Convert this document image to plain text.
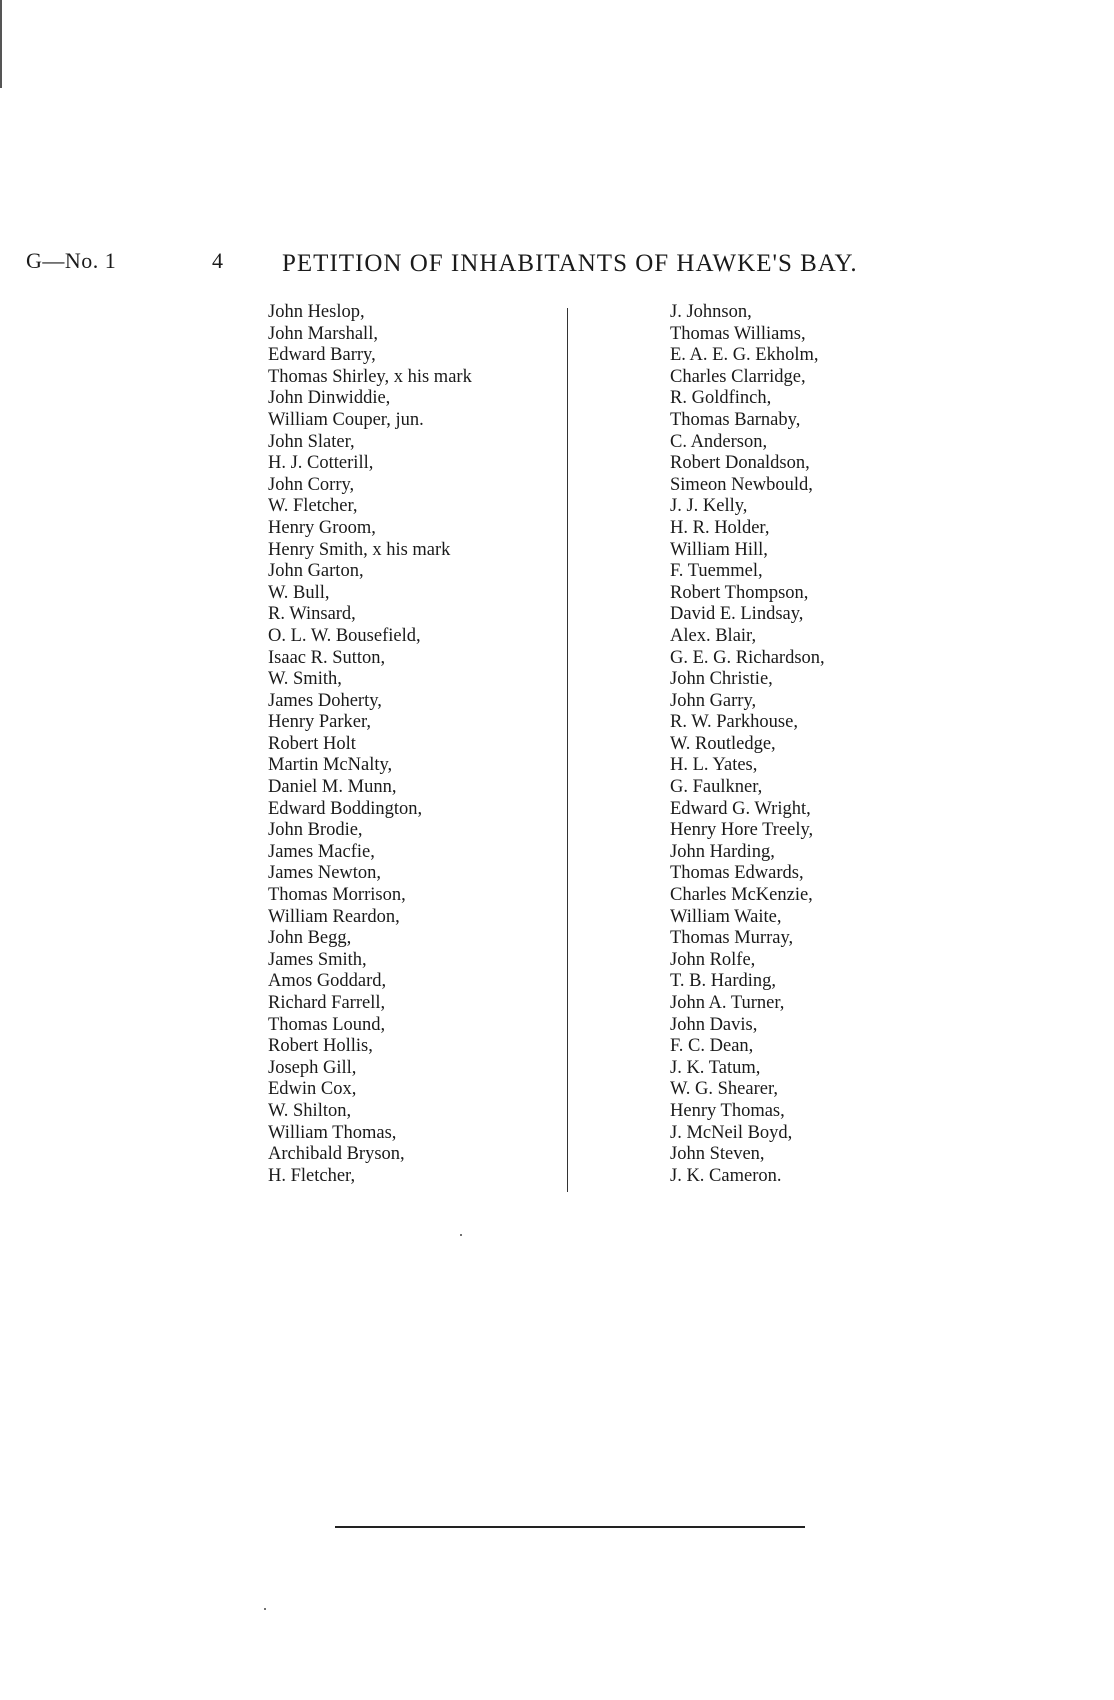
G—No. 1	4 PETITION OF INHABITANTS OF HAWKE'S BAY.
John Heslop,
John Marshall,
Edward Barry,
Thomas Shirley, x his mark
John Dinwiddie,
William Couper, jun.
John Slater,
H. J. Cotterill,
John Corry,
W. Fletcher,
Henry Groom,
Henry Smith, x his mark
John Garton,
W. Bull,
R. Winsard,
O. L. W. Bousefield,
Isaac R. Sutton,
W. Smith,
James Doherty,
Henry Parker,
Robert Holt
Martin McNalty,
Daniel M. Munn,
Edward Boddington,
John Brodie,
James Macfie,
James Newton,
Thomas Morrison,
William Reardon,
John Begg,
James Smith,
Amos Goddard,
Richard Farrell,
Thomas Lound,
Robert Hollis,
Joseph Gill,
Edwin Cox,
W. Shilton,
William Thomas,
Archibald Bryson,
H. Fletcher,
J. Johnson,
Thomas Williams,
E. A. E. G. Ekholm,
Charles Clarridge,
R. Goldfinch,
Thomas Barnaby,
C. Anderson,
Robert Donaldson,
Simeon Newbould,
J. J. Kelly,
H. R. Holder,
William Hill,
F. Tuemmel,
Robert Thompson,
David E. Lindsay,
Alex. Blair,
G. E. G. Richardson,
John Christie,
John Garry,
R. W. Parkhouse,
W. Routledge,
H. L. Yates,
G. Faulkner,
Edward G. Wright,
Henry Hore Treely,
John Harding,
Thomas Edwards,
Charles McKenzie,
William Waite,
Thomas Murray,
John Rolfe,
T. B. Harding,
John A. Turner,
John Davis,
F. C. Dean,
J. K. Tatum,
W. G. Shearer,
Henry Thomas,
J. McNeil Boyd,
John Steven,
J. K. Cameron.
